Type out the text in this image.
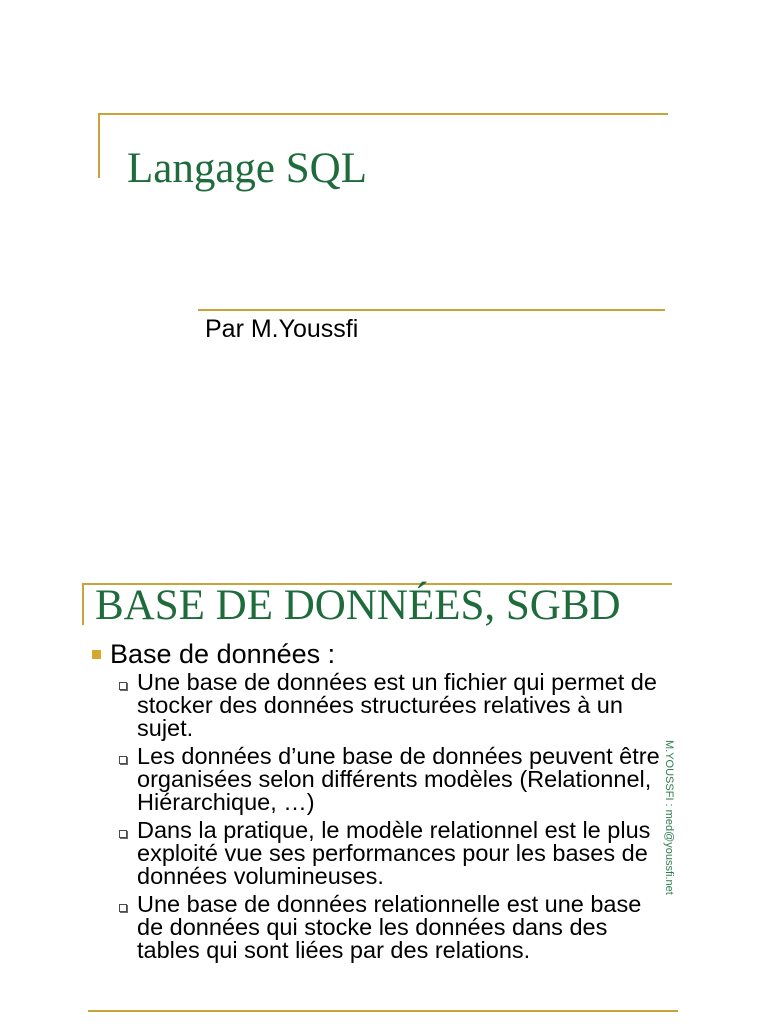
Langage SQL
Par M.Youssfi
BASE DE DONNÉES, SGBD
Base de données :
Une base de données est un fichier qui permet de
stocker des données structurées relatives à un
sujet.
Les données d’une base de données peuvent être
organisées selon différents modèles (Relationnel,
Hiérarchique, …)
Dans la pratique, le modèle relationnel est le plus
exploité vue ses performances pour les bases de
données volumineuses.
Une base de données relationnelle est une base
de données qui stocke les données dans des
tables qui sont liées par des relations.
M.YOUSSFI : med@youssfi.net
